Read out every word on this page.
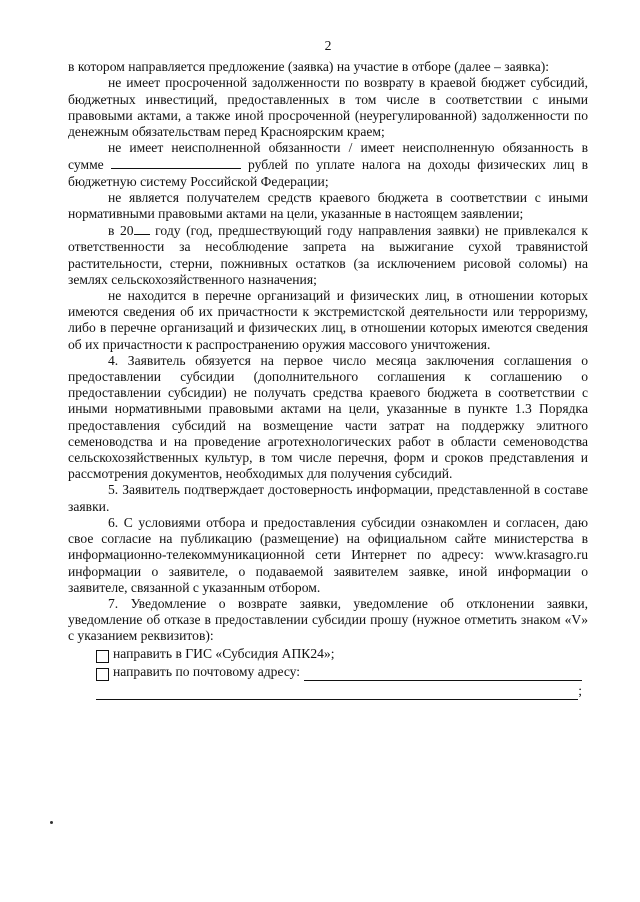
2

в котором направляется предложение (заявка) на участие в отборе (далее – заявка):

не имеет просроченной задолженности по возврату в краевой бюджет субсидий, бюджетных инвестиций, предоставленных в том числе в соответствии с иными правовыми актами, а также иной просроченной (неурегулированной) задолженности по денежным обязательствам перед Красноярским краем;

не имеет неисполненной обязанности / имеет неисполненную обязанность в сумме	рублей по уплате налога на доходы физических лиц в бюджетную систему Российской Федерации;

не является получателем средств краевого бюджета в соответствии с иными нормативными правовыми актами на цели, указанные в настоящем заявлении;

в 20 году (год, предшествующий году направления заявки) не привлекался к ответственности за несоблюдение запрета на выжигание сухой травянистой растительности, стерни, пожнивных остатков (за исключением рисовой соломы) на землях сельскохозяйственного назначения;

не находится в перечне организаций и физических лиц, в отношении которых имеются сведения об их причастности к экстремистской деятельности или терроризму, либо в перечне организаций и физических лиц, в отношении которых имеются сведения об их причастности к распространению оружия массового уничтожения.

4. Заявитель обязуется на первое число месяца заключения соглашения о предоставлении субсидии (дополнительного соглашения к соглашению о предоставлении субсидии) не получать средства краевого бюджета в соответствии с иными нормативными правовыми актами на цели, указанные в пункте 1.3 Порядка предоставления субсидий на возмещение части затрат на поддержку элитного семеноводства и на проведение агротехнологических работ в области семеноводства сельскохозяйственных культур, в том числе перечня, форм и сроков представления и рассмотрения документов, необходимых для получения субсидий.

5. Заявитель подтверждает достоверность информации, представленной в составе заявки.

6. С условиями отбора и предоставления субсидии ознакомлен и согласен, даю свое согласие на публикацию (размещение) на официальном сайте министерства в информационно-телекоммуникационной сети Интернет по адресу: www.krasagro.ru информации о заявителе, о подаваемой заявителем заявке, иной информации о заявителе, связанной с указанным отбором.

7. Уведомление о возврате заявки, уведомление об отклонении заявки, уведомление об отказе в предоставлении субсидии прошу (нужное отметить знаком «V» с указанием реквизитов):

направить в ГИС «Субсидия АПК24»;
направить по почтовому адресу:
;
